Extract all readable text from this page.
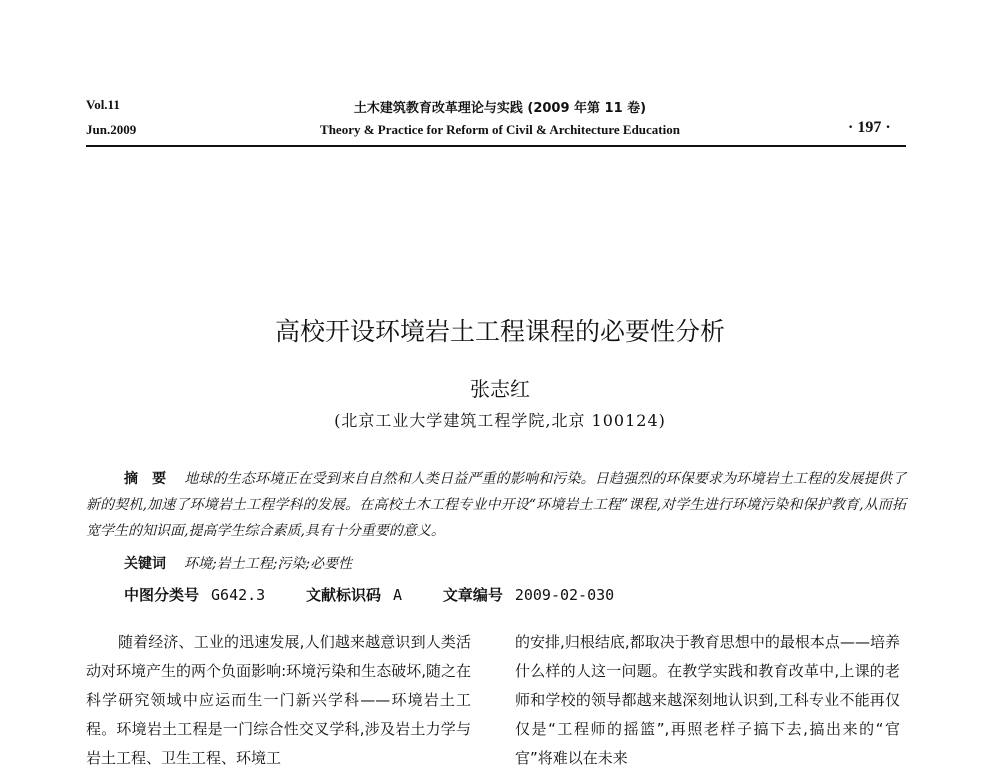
Vol.11
Jun.2009
土木建筑教育改革理论与实践 (2009 年第 11 卷)
Theory & Practice for Reform of Civil & Architecture Education	· 197 ·
高校开设环境岩土工程课程的必要性分析
张志红
(北京工业大学建筑工程学院,北京 100124)
摘要 地球的生态环境正在受到来自自然和人类日益严重的影响和污染。日趋强烈的环保要求为环境岩土工程的发展提供了新的契机,加速了环境岩土工程学科的发展。在高校土木工程专业中开设“环境岩土工程”课程,对学生进行环境污染和保护教育,从而拓宽学生的知识面,提高学生综合素质,具有十分重要的意义。
关键词 环境;岩土工程;污染;必要性
中图分类号 G642.3	文献标识码 A	文章编号 2009-02-030
随着经济、工业的迅速发展,人们越来越意识到人类活动对环境产生的两个负面影响:环境污染和生态破坏,随之在科学研究领域中应运而生一门新兴学科——环境岩土工程。环境岩土工程是一门综合性交叉学科,涉及岩土力学与岩土工程、卫生工程、环境工
的安排,归根结底,都取决于教育思想中的最根本点——培养什么样的人这一问题。在教学实践和教育改革中,上课的老师和学校的领导都越来越深刻地认识到,工科专业不能再仅仅是“工程师的摇篮”,再照老样子搞下去,搞出来的“官官”将难以在未来
